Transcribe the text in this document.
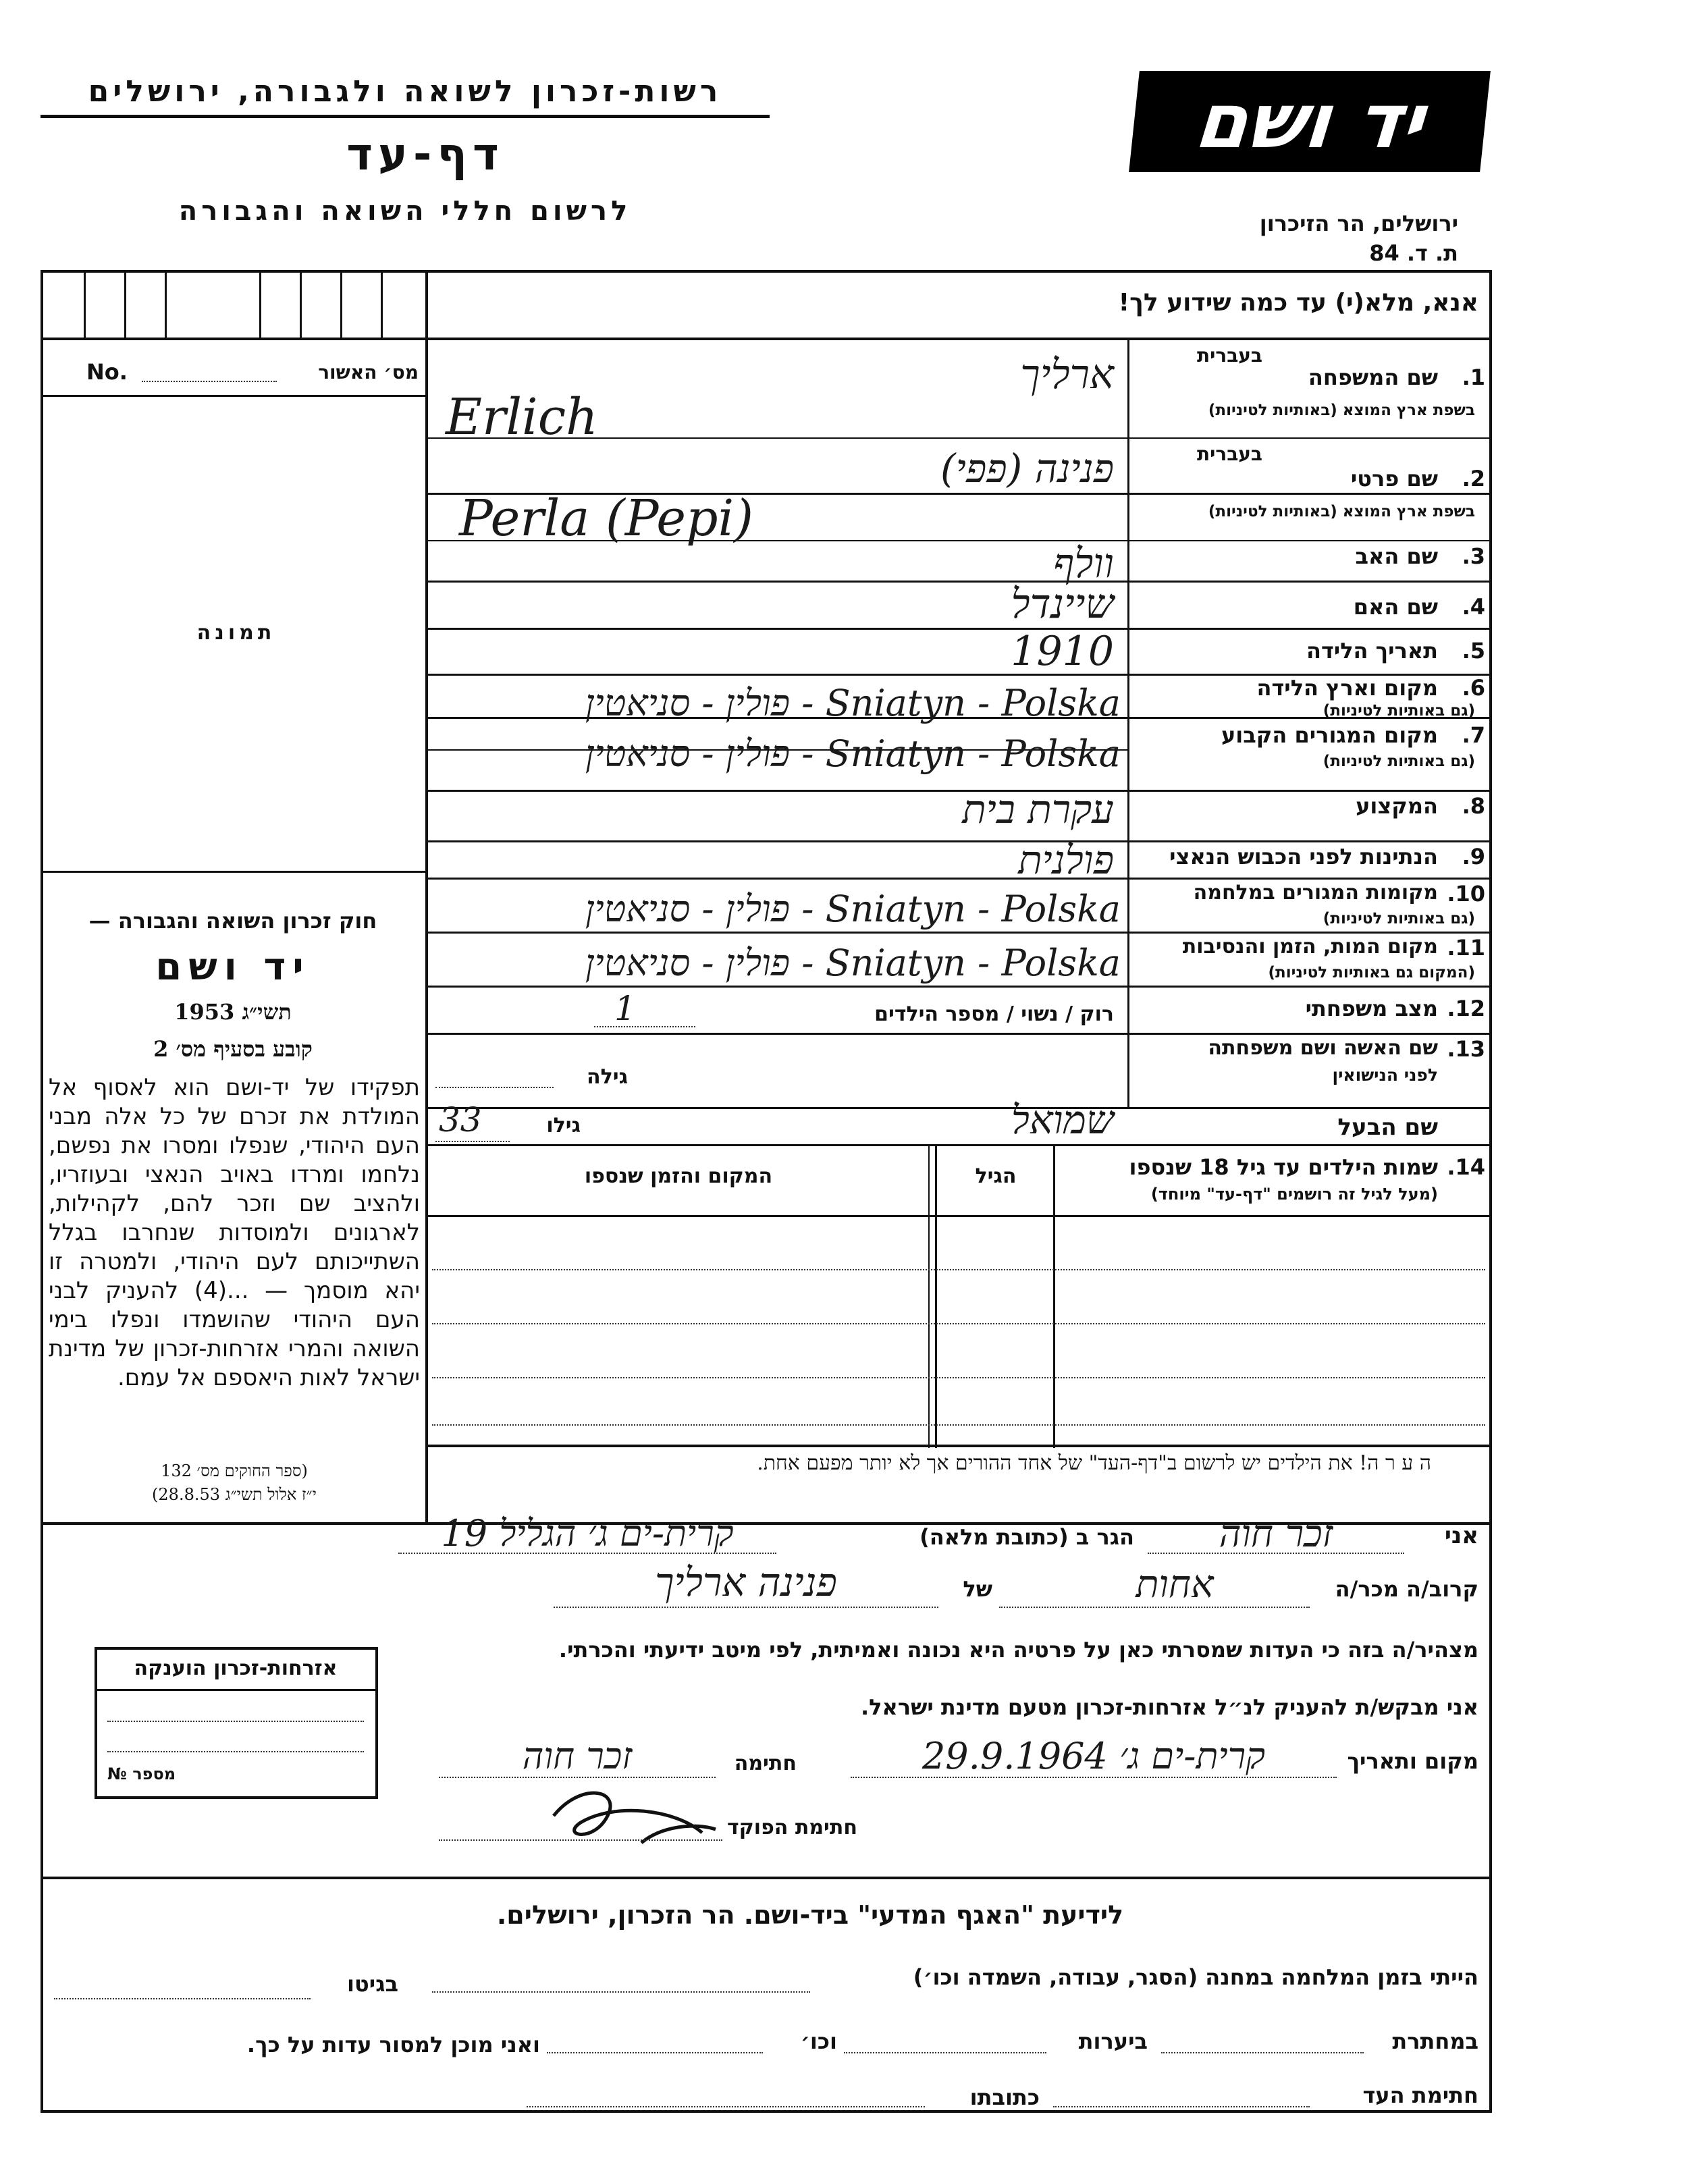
רשות-זכרון לשואה ולגבורה, ירושלים
דף-עד
לרשום חללי השואה והגבורה
יד ושם
ירושלים, הר הזיכרון
ת. ד. 84
אנא, מלא(י) עד כמה שידוע לך!
מס׳ האשור
No.
תמונה
חוק זכרון השואה והגבורה —
יד ושם
תשי״ג 1953
קובע בסעיף מס׳ 2
תפקידו של יד-ושם הוא לאסוף אל המולדת את זכרם של כל אלה מבני העם היהודי, שנפלו ומסרו את נפשם, נלחמו ומרדו באויב הנאצי ובעוזריו, ולהציב שם וזכר להם, לקהילות, לארגונים ולמוסדות שנחרבו בגלל השתייכותם לעם היהודי, ולמטרה זו יהא מוסמך — ...(4) להעניק לבני העם היהודי שהושמדו ונפלו בימי השואה והמרי אזרחות-זכרון של מדינת ישראל לאות היאספם אל עמם.
(ספר החוקים מס׳ 132
י״ז אלול תשי״ג 28.8.53)
1.
שם המשפחה
בעברית
בשפת ארץ המוצא (באותיות לטיניות)
ארליך
Erlich
2.
שם פרטי
בעברית
בשפת ארץ המוצא (באותיות לטיניות)
פנינה (פפי)
Perla (Pepi)
3.
שם האב
וולף
4.
שם האם
שיינדל
5.
תאריך הלידה
1910
6.
מקום וארץ הלידה
(גם באותיות לטיניות)
Sniatyn - Polska - פולין - סניאטין
7.
מקום המגורים הקבוע
(גם באותיות לטיניות)
Sniatyn - Polska - פולין - סניאטין
8.
המקצוע
עקרת בית
9.
הנתינות לפני הכבוש הנאצי
פולנית
10.
מקומות המגורים במלחמה
(גם באותיות לטיניות)
Sniatyn - Polska - פולין - סניאטין
11.
מקום המות, הזמן והנסיבות
(המקום גם באותיות לטיניות)
Sniatyn - Polska - פולין - סניאטין
12.
מצב משפחתי
רוק / נשוי / מספר הילדים
1
13.
שם האשה ושם משפחתה
לפני הנישואין
גילה
שם הבעל
שמואל
גילו
33
14.
שמות הילדים עד גיל 18 שנספו
(מעל לגיל זה רושמים "דף-עד" מיוחד)
הגיל
המקום והזמן שנספו
ה ע ר ה! את הילדים יש לרשום ב"דף-העד" של אחד ההורים אך לא יותר מפעם אחת.
אני
זכר חוה
הגר ב (כתובת מלאה)
קרית-ים ג׳ הגליל 19
קרוב/ה מכר/ה
אחות
של
פנינה ארליך
מצהיר/ה בזה כי העדות שמסרתי כאן על פרטיה היא נכונה ואמיתית, לפי מיטב ידיעתי והכרתי.
אני מבקש/ת להעניק לנ״ל אזרחות-זכרון מטעם מדינת ישראל.
מקום ותאריך
קרית-ים ג׳ 29.9.1964
חתימה
זכר חוה
חתימת הפוקד
אזרחות-זכרון הוענקה
מספר №
לידיעת "האגף המדעי" ביד-ושם. הר הזכרון, ירושלים.
הייתי בזמן המלחמה במחנה (הסגר, עבודה, השמדה וכו׳)
בגיטו
במחתרת
ביערות
וכו׳
ואני מוכן למסור עדות על כך.
חתימת העד
כתובתו
